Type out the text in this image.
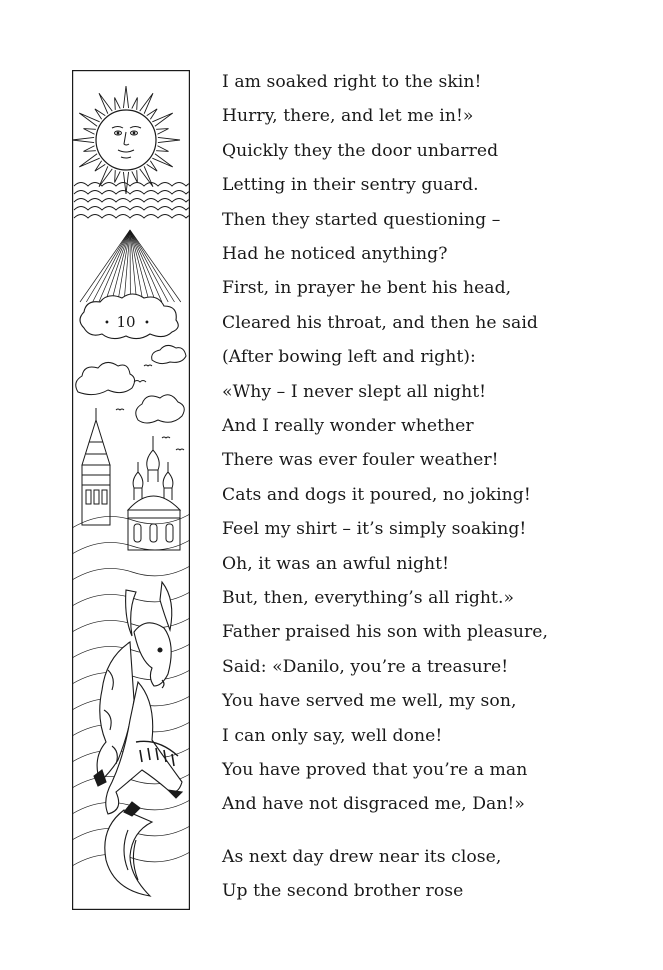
10
•	•
I am soaked right to the skin!
Hurry, there, and let me in!»
Quickly they the door unbarred
Letting in their sentry guard.
Then they started questioning –
Had he noticed anything?
First, in prayer he bent his head,
Cleared his throat, and then he said
(After bowing left and right):
«Why – I never slept all night!
And I really wonder whether
There was ever fouler weather!
Cats and dogs it poured, no joking!
Feel my shirt – it’s simply soaking!
Oh, it was an awful night!
But, then, everything’s all right.»
Father praised his son with pleasure,
Said: «Danilo, you’re a treasure!
You have served me well, my son,
I can only say, well done!
You have proved that you’re a man
And have not disgraced me, Dan!»
As next day drew near its close,
Up the second brother rose
